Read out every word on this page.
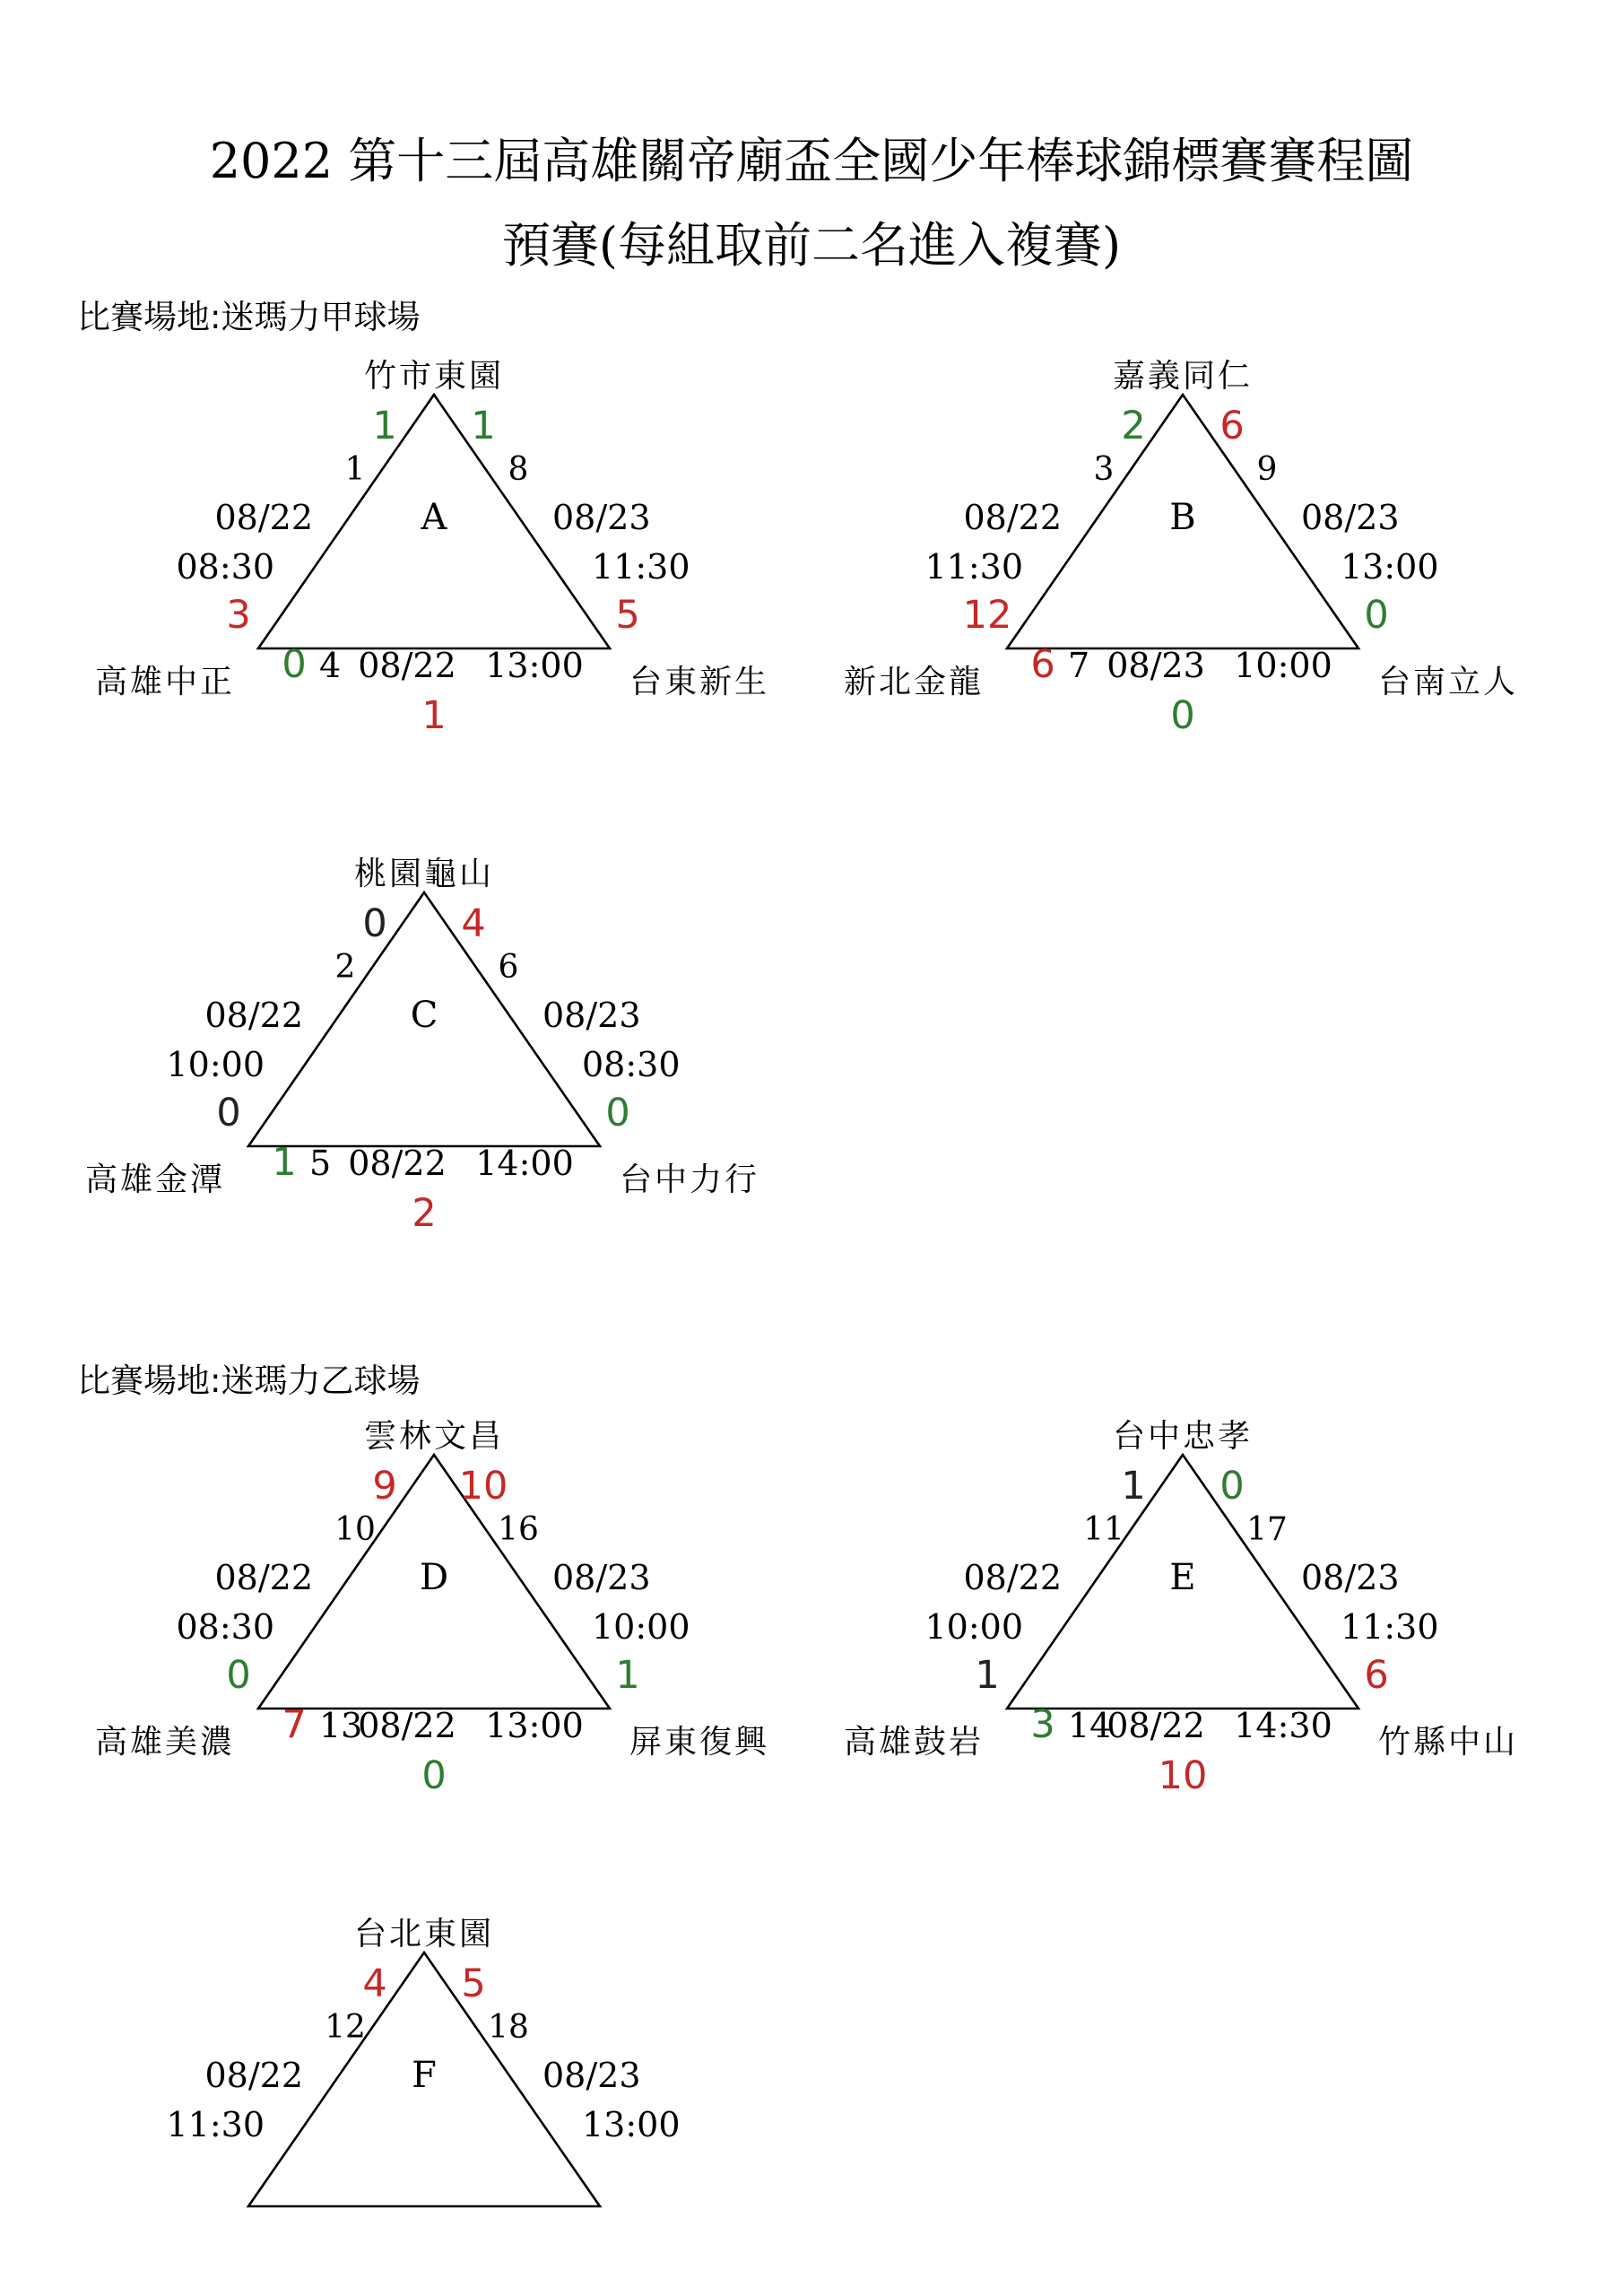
2022 第十三屆高雄關帝廟盃全國少年棒球錦標賽賽程圖
預賽(每組取前二名進入複賽)
比賽場地:迷瑪力甲球場
比賽場地:迷瑪力乙球場
A
竹市東園
高雄中正	台東新生
1
08/22
08:30
1
3
8
08/23
11:30
1
5
0 4 08/22 13:00
1
B
嘉義同仁
新北金龍	台南立人
3
08/22
11:30
2
12
9
08/23
13:00
6
0
6 7 08/23 10:00
0
C
桃園龜山
高雄金潭	台中力行
2
08/22
10:00
0
0
6
08/23
08:30
4
0
1 5 08/22 14:00
2
D
雲林文昌
高雄美濃	屏東復興
10
08/22
08:30
9
0
16
08/23
10:00
10
1
7 13
08/22 13:00
0
E
台中忠孝
高雄鼓岩	竹縣中山
11
08/22
10:00
1
1
17
08/23
11:30
0
6
3 14
08/22 14:30
10
F
台北東園
12
08/22
11:30
4
18
08/23
13:00
5
